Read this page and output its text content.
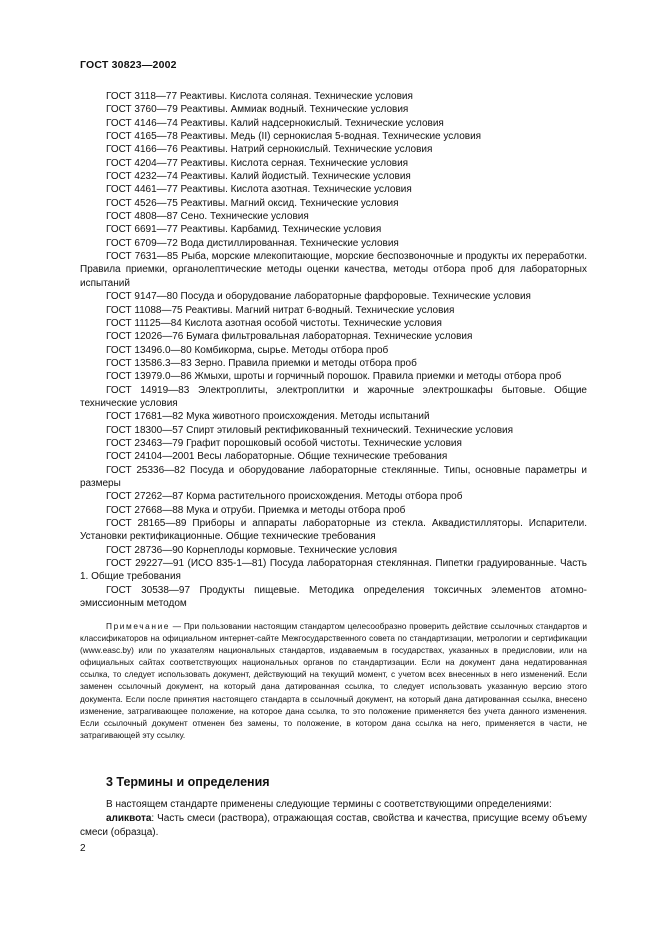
ГОСТ 30823—2002

ГОСТ 3118—77 Реактивы. Кислота соляная. Технические условия

ГОСТ 3760—79 Реактивы. Аммиак водный. Технические условия

ГОСТ 4146—74 Реактивы. Калий надсернокислый. Технические условия

ГОСТ 4165—78 Реактивы. Медь (II) сернокислая 5-водная. Технические условия

ГОСТ 4166—76 Реактивы. Натрий сернокислый. Технические условия

ГОСТ 4204—77 Реактивы. Кислота серная. Технические условия

ГОСТ 4232—74 Реактивы. Калий йодистый. Технические условия

ГОСТ 4461—77 Реактивы. Кислота азотная. Технические условия

ГОСТ 4526—75 Реактивы. Магний оксид. Технические условия

ГОСТ 4808—87 Сено. Технические условия

ГОСТ 6691—77 Реактивы. Карбамид. Технические условия

ГОСТ 6709—72 Вода дистиллированная. Технические условия

ГОСТ 7631—85 Рыба, морские млекопитающие, морские беспозвоночные и продукты их переработки. Правила приемки, органолептические методы оценки качества, методы отбора проб для лабораторных испытаний

ГОСТ 9147—80 Посуда и оборудование лабораторные фарфоровые. Технические условия

ГОСТ 11088—75 Реактивы. Магний нитрат 6-водный. Технические условия

ГОСТ 11125—84 Кислота азотная особой чистоты. Технические условия

ГОСТ 12026—76 Бумага фильтровальная лабораторная. Технические условия

ГОСТ 13496.0—80 Комбикорма, сырье. Методы отбора проб

ГОСТ 13586.3—83 Зерно. Правила приемки и методы отбора проб

ГОСТ 13979.0—86 Жмыхи, шроты и горчичный порошок. Правила приемки и методы отбора проб

ГОСТ 14919—83 Электроплиты, электроплитки и жарочные электрошкафы бытовые. Общие технические условия

ГОСТ 17681—82 Мука животного происхождения. Методы испытаний

ГОСТ 18300—57 Спирт этиловый ректификованный технический. Технические условия

ГОСТ 23463—79 Графит порошковый особой чистоты. Технические условия

ГОСТ 24104—2001 Весы лабораторные. Общие технические требования

ГОСТ 25336—82 Посуда и оборудование лабораторные стеклянные. Типы, основные параметры и размеры

ГОСТ 27262—87 Корма растительного происхождения. Методы отбора проб

ГОСТ 27668—88 Мука и отруби. Приемка и методы отбора проб

ГОСТ 28165—89 Приборы и аппараты лабораторные из стекла. Аквадистилляторы. Испарители. Установки ректификационные. Общие технические требования

ГОСТ 28736—90 Корнеплоды кормовые. Технические условия

ГОСТ 29227—91 (ИСО 835-1—81) Посуда лабораторная стеклянная. Пипетки градуированные. Часть 1. Общие требования

ГОСТ 30538—97 Продукты пищевые. Методика определения токсичных элементов атомно-эмиссионным методом

Примечание — При пользовании настоящим стандартом целесообразно проверить действие ссылочных стандартов и классификаторов на официальном интернет-сайте Межгосударственного совета по стандартизации, метрологии и сертификации (www.easc.by) или по указателям национальных стандартов, издаваемым в государствах, указанных в предисловии, или на официальных сайтах соответствующих национальных органов по стандартизации. Если на документ дана недатированная ссылка, то следует использовать документ, действующий на текущий момент, с учетом всех внесенных в него изменений. Если заменен ссылочный документ, на который дана датированная ссылка, то следует использовать указанную версию этого документа. Если после принятия настоящего стандарта в ссылочный документ, на который дана датированная ссылка, внесено изменение, затрагивающее положение, на которое дана ссылка, то это положение применяется без учета данного изменения. Если ссылочный документ отменен без замены, то положение, в котором дана ссылка на него, применяется в части, не затрагивающей эту ссылку.

3 Термины и определения

В настоящем стандарте применены следующие термины с соответствующими определениями:

аликвота: Часть смеси (раствора), отражающая состав, свойства и качества, присущие всему объему смеси (образца).

2
